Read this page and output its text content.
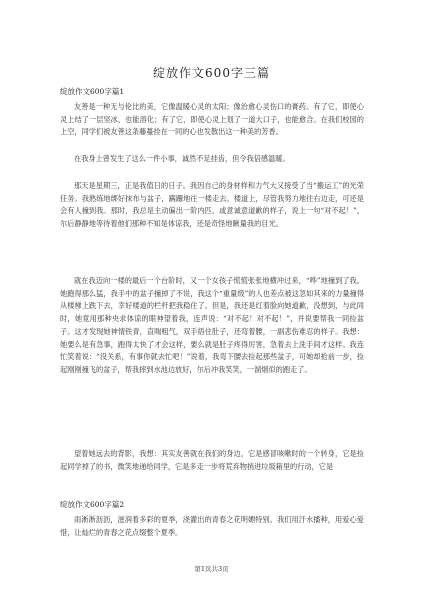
绽放作文600字三篇
绽放作文600字篇1
友善是一种无与伦比的美，它像温暖心灵的太阳；像治愈心灵伤口的膏药。有了它，即使心灵上结了一层坚冰，也能溶化；有了它，即使心灵上划了一道大口子，也能愈合。在我们校园的上空，同学们被友善这条藤蔓拴在一同的心也发散出这一种美的芳香。
在我身上曾发生了这么一件小事，诚然不足挂齿，但令我倍感温暖。
那天是星期三，正是我值日的日子。我因自己的身材样和力气大又接受了当“搬运工”的光荣任务。我熟练地绑好抹布与盆子，蹒跚地往一楼走去。楼道上，尽管我努力地往右边走，可还是会有人撞到我。那时，我总是主动偏出一阶内匹，或意诚意道歉的样子，说上一句“对不起！”，尔后静静地等待着他们那种不知是体谅我，还是奇怪地瞅量我的目光。
就在我迈向一楼的最后一个台阶时，又一个女孩子慌慌张张地横冲过来，“哗”地撞到了我。她跑得那么猛，我手中的盆子撞掉了不说，我这个“重量级”的人也差点被这忽如其来的力量撞得从楼梯上跌下去，幸好楼道的栏杆把我稳住了。但是，我还是红着脸向她道歉，没想到，与此同时，她竟用那种央求体谅的眼神望着我，连声说：“对不起！对不起！”，并说要帮我一同捡盆子。这才发现她神情铁青，直喘粗气，双手捂住肚子，还弯着腰，一副悲伤难忍的样子。我想：她要么是有急事，跑得太快了才会这样，要么就是肚子疼得厉害，急着去上洗手间才这样。我连忙笑着说：“没关系，有事你就去忙吧！”说着，我弯下腰去捡起那些盆子，可她却抢前一步，捡起刚刚撞飞的盆子，帮我摔到水池边放好，尔后冲我笑笑，一溜烟似的跑走了。
望着她远去的背影，我想：其实友善就在我们的身边，它是感冒咳嗽时的一个转身，它是捡起同学掉了的书，微笑地递给同学，它是多走一步将荒弃物捎进垃圾箱里的行动，它是
绽放作文600字篇2
雨淅淅沥沥，滋润着多彩的夏季，浇灌出的青春之花明媚特别。我们用汗水播种，用爱心爱惜，让灿烂的青春之花点缀整个夏季。
第1页共3页
